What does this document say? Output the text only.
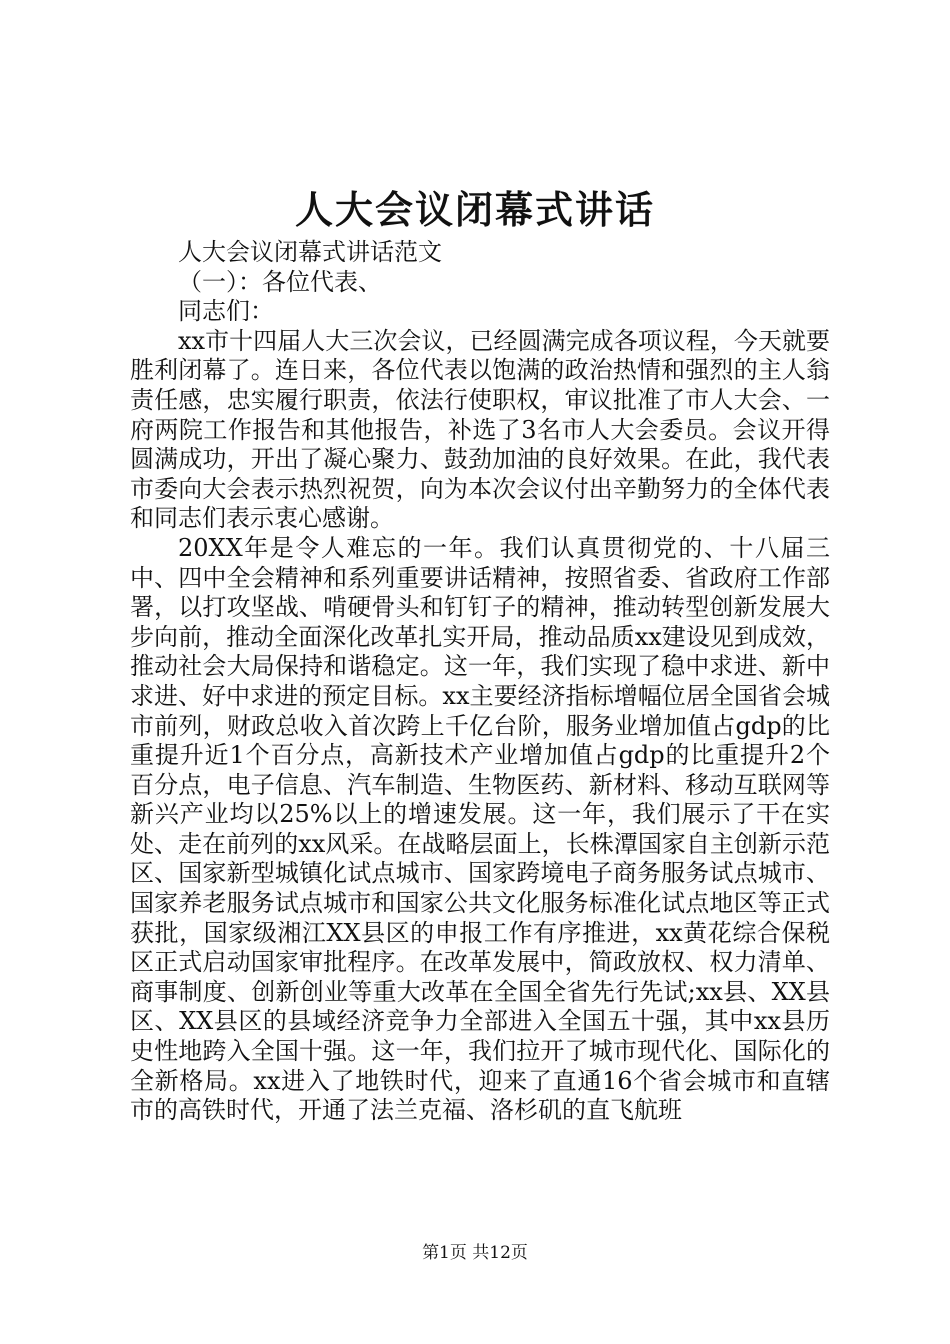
人大会议闭幕式讲话

人大会议闭幕式讲话范文

（一）：各位代表、

同志们：

xx市十四届人大三次会议，已经圆满完成各项议程，今天就要胜利闭幕了。连日来，各位代表以饱满的政治热情和强烈的主人翁责任感，忠实履行职责，依法行使职权，审议批准了市人大会、一府两院工作报告和其他报告，补选了3名市人大会委员。会议开得圆满成功，开出了凝心聚力、鼓劲加油的良好效果。在此，我代表市委向大会表示热烈祝贺，向为本次会议付出辛勤努力的全体代表和同志们表示衷心感谢。

20XX年是令人难忘的一年。我们认真贯彻党的、十八届三中、四中全会精神和系列重要讲话精神，按照省委、省政府工作部署，以打攻坚战、啃硬骨头和钉钉子的精神，推动转型创新发展大步向前，推动全面深化改革扎实开局，推动品质xx建设见到成效，推动社会大局保持和谐稳定。这一年，我们实现了稳中求进、新中求进、好中求进的预定目标。xx主要经济指标增幅位居全国省会城市前列，财政总收入首次跨上千亿台阶，服务业增加值占gdp的比重提升近1个百分点，高新技术产业增加值占gdp的比重提升2个百分点，电子信息、汽车制造、生物医药、新材料、移动互联网等新兴产业均以25%以上的增速发展。这一年，我们展示了干在实处、走在前列的xx风采。在战略层面上，长株潭国家自主创新示范区、国家新型城镇化试点城市、国家跨境电子商务服务试点城市、国家养老服务试点城市和国家公共文化服务标准化试点地区等正式获批，国家级湘江XX县区的申报工作有序推进，xx黄花综合保税区正式启动国家审批程序。在改革发展中，简政放权、权力清单、商事制度、创新创业等重大改革在全国全省先行先试;xx县、XX县区、XX县区的县域经济竞争力全部进入全国五十强，其中xx县历史性地跨入全国十强。这一年，我们拉开了城市现代化、国际化的全新格局。xx进入了地铁时代，迎来了直通16个省会城市和直辖市的高铁时代，开通了法兰克福、洛杉矶的直飞航班

第1页 共12页
